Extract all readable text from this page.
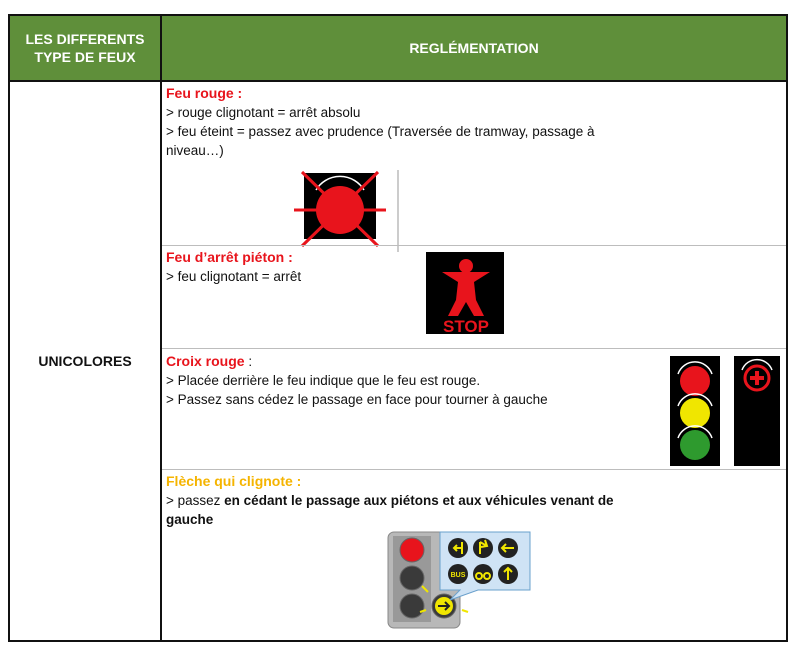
LES DIFFERENTS
TYPE DE FEUX
REGLÉMENTATION
UNICOLORES
Feu rouge :

> rouge clignotant = arrêt absolu

> feu éteint = passez avec prudence (Traversée de tramway, passage à

niveau…)

Feu d’arrêt piéton :

> feu clignotant = arrêt

STOP
Croix rouge :

> Placée derrière le feu indique que le feu est rouge.

> Passez sans cédez le passage en face pour tourner à gauche

Flèche qui clignote :

> passez en cédant le passage aux piétons et aux véhicules venant de

gauche

BUS
